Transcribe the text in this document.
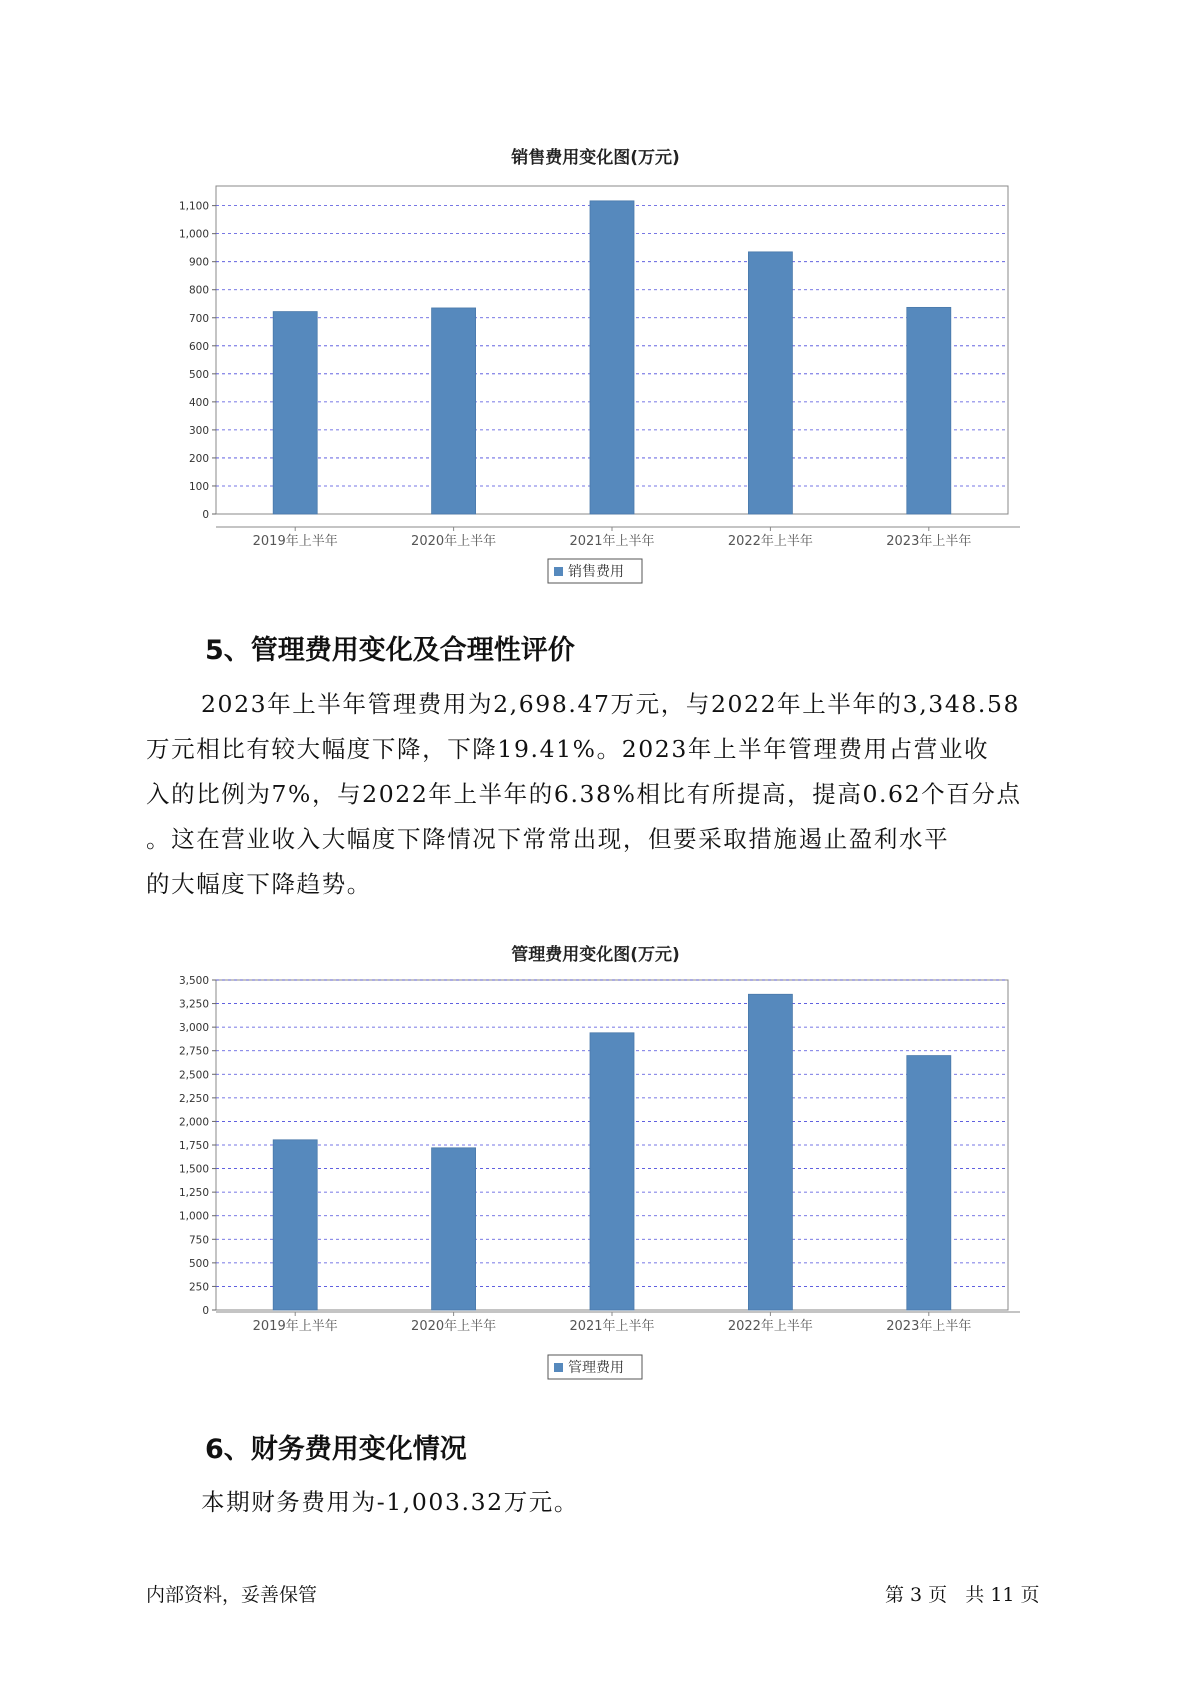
销售费用变化图(万元)
0
100
200
300
400
500
600
700
800
900
1,000
1,100
2019年上半年	2020年上半年	2021年上半年	2022年上半年	2023年上半年
销售费用
5、管理费用变化及合理性评价
2023年上半年管理费用为2,698.47万元，与2022年上半年的3,348.58
万元相比有较大幅度下降，下降19.41%。2023年上半年管理费用占营业收
入的比例为7%，与2022年上半年的6.38%相比有所提高，提高0.62个百分点
。这在营业收入大幅度下降情况下常常出现，但要采取措施遏止盈利水平
的大幅度下降趋势。
管理费用变化图(万元)
0
250
500
750
1,000
1,250
1,500
1,750
2,000
2,250
2,500
2,750
3,000
3,250
3,500
2019年上半年	2020年上半年	2021年上半年	2022年上半年	2023年上半年
管理费用
6、财务费用变化情况
本期财务费用为-1,003.32万元。
内部资料，妥善保管	第 3 页   共 11 页
